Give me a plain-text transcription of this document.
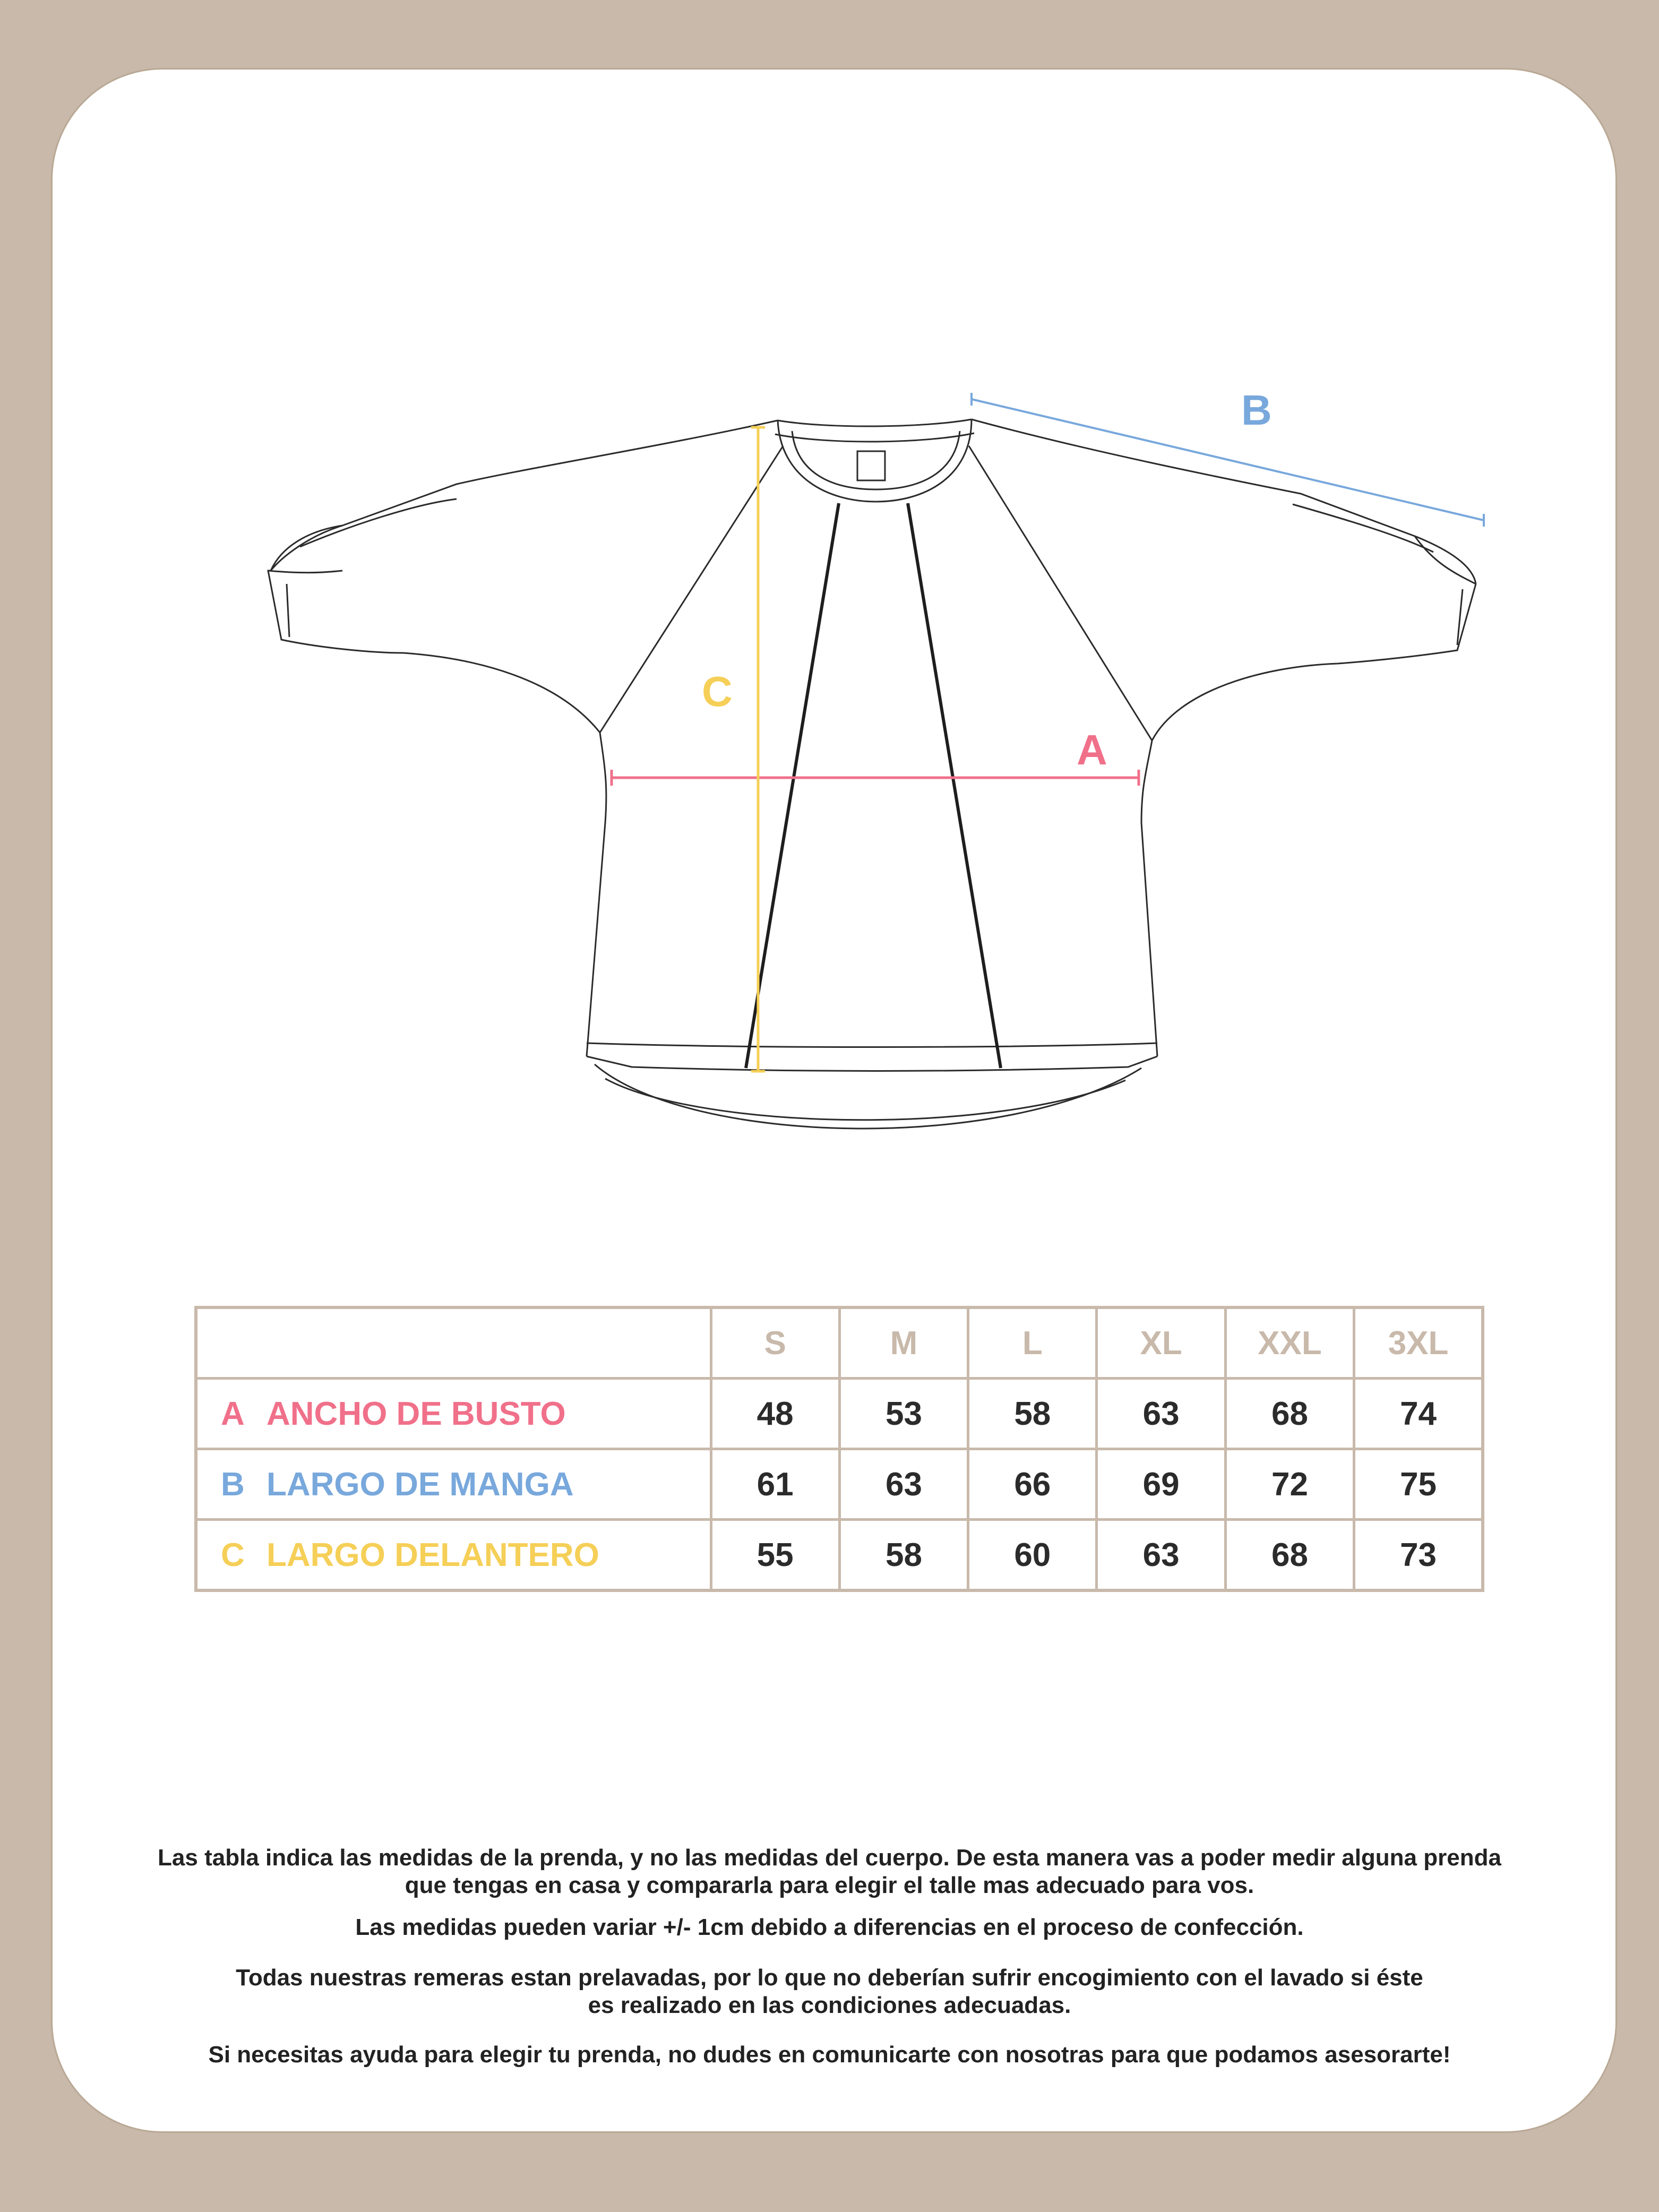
B
A
C
	S	M	L	XL	XXL	3XL
A ANCHO DE BUSTO	48	53	58	63	68	74
B LARGO DE MANGA	61	63	66	69	72	75
C LARGO DELANTERO	55	58	60	63	68	73
Las tabla indica las medidas de la prenda, y no las medidas del cuerpo. De esta manera vas a poder medir alguna prenda
que tengas en casa y compararla para elegir el talle mas adecuado para vos.
Las medidas pueden variar +/- 1cm debido a diferencias en el proceso de confección.
Todas nuestras remeras estan prelavadas, por lo que no deberían sufrir encogimiento con el lavado si éste
es realizado en las condiciones adecuadas.
Si necesitas ayuda para elegir tu prenda, no dudes en comunicarte con nosotras para que podamos asesorarte!
